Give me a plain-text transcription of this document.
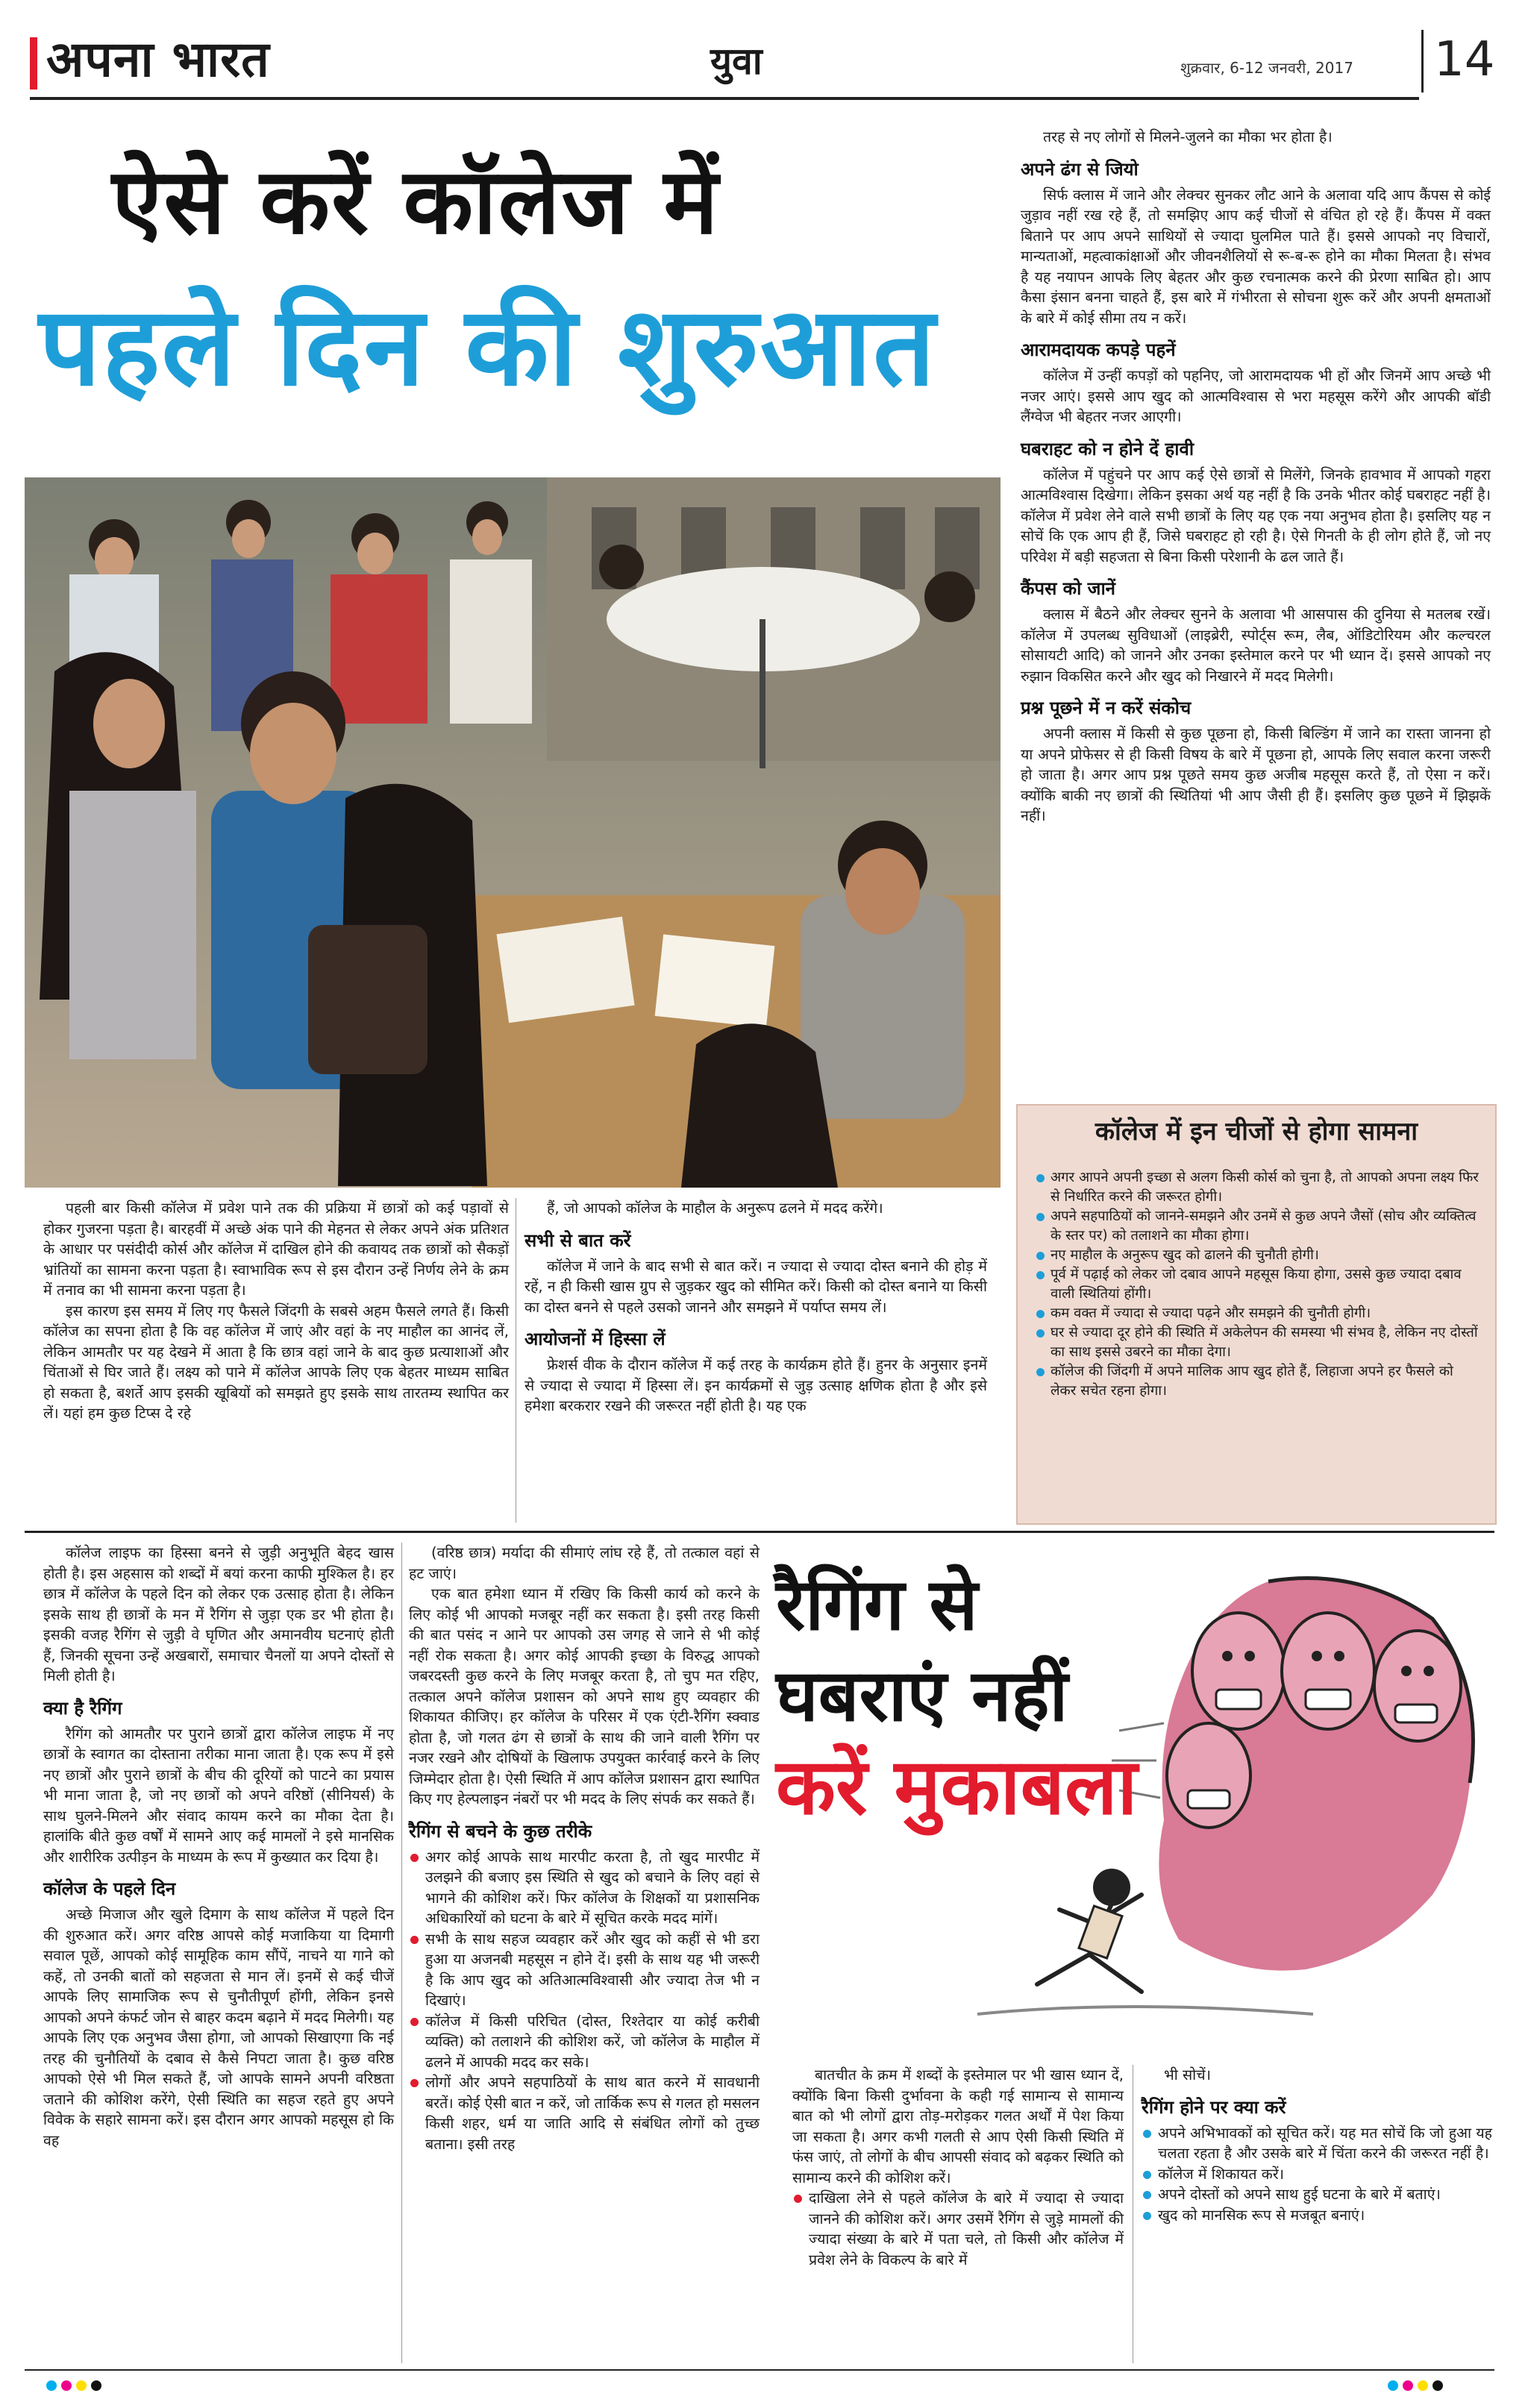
अपना भारत	युवा	शुक्रवार, 6-12 जनवरी, 2017 14
ऐसे करें कॉलेज में
पहले दिन की शुरुआत

पहली बार किसी कॉलेज में प्रवेश पाने तक की प्रक्रिया में छात्रों को कई पड़ावों से होकर गुजरना पड़ता है। बारहवीं में अच्छे अंक पाने की मेहनत से लेकर अपने अंक प्रतिशत के आधार पर पसंदीदी कोर्स और कॉलेज में दाखिल होने की कवायद तक छात्रों को सैकड़ों भ्रांतियों का सामना करना पड़ता है। स्वाभाविक रूप से इस दौरान उन्हें निर्णय लेने के क्रम में तनाव का भी सामना करना पड़ता है।

इस कारण इस समय में लिए गए फैसले जिंदगी के सबसे अहम फैसले लगते हैं। किसी कॉलेज का सपना होता है कि वह कॉलेज में जाएं और वहां के नए माहौल का आनंद लें, लेकिन आमतौर पर यह देखने में आता है कि छात्र वहां जाने के बाद कुछ प्रत्याशाओं और चिंताओं से घिर जाते हैं। लक्ष्य को पाने में कॉलेज आपके लिए एक बेहतर माध्यम साबित हो सकता है, बशर्ते आप इसकी खूबियों को समझते हुए इसके साथ तारतम्य स्थापित कर लें। यहां हम कुछ टिप्स दे रहे

हैं, जो आपको कॉलेज के माहौल के अनुरूप ढलने में मदद करेंगे।

सभी से बात करें

कॉलेज में जाने के बाद सभी से बात करें। न ज्यादा से ज्यादा दोस्त बनाने की होड़ में रहें, न ही किसी खास ग्रुप से जुड़कर खुद को सीमित करें। किसी को दोस्त बनाने या किसी का दोस्त बनने से पहले उसको जानने और समझने में पर्याप्त समय लें।

आयोजनों में हिस्सा लें

फ्रेशर्स वीक के दौरान कॉलेज में कई तरह के कार्यक्रम होते हैं। हुनर के अनुसार इनमें से ज्यादा से ज्यादा में हिस्सा लें। इन कार्यक्रमों से जुड़ उत्साह क्षणिक होता है और इसे हमेशा बरकरार रखने की जरूरत नहीं होती है। यह एक

तरह से नए लोगों से मिलने-जुलने का मौका भर होता है।

अपने ढंग से जियो

सिर्फ क्लास में जाने और लेक्चर सुनकर लौट आने के अलावा यदि आप कैंपस से कोई जुड़ाव नहीं रख रहे हैं, तो समझिए आप कई चीजों से वंचित हो रहे हैं। कैंपस में वक्त बिताने पर आप अपने साथियों से ज्यादा घुलमिल पाते हैं। इससे आपको नए विचारों, मान्यताओं, महत्वाकांक्षाओं और जीवनशैलियों से रू-ब-रू होने का मौका मिलता है। संभव है यह नयापन आपके लिए बेहतर और कुछ रचनात्मक करने की प्रेरणा साबित हो। आप कैसा इंसान बनना चाहते हैं, इस बारे में गंभीरता से सोचना शुरू करें और अपनी क्षमताओं के बारे में कोई सीमा तय न करें।

आरामदायक कपड़े पहनें

कॉलेज में उन्हीं कपड़ों को पहनिए, जो आरामदायक भी हों और जिनमें आप अच्छे भी नजर आएं। इससे आप खुद को आत्मविश्वास से भरा महसूस करेंगे और आपकी बॉडी लैंग्वेज भी बेहतर नजर आएगी।

घबराहट को न होने दें हावी

कॉलेज में पहुंचने पर आप कई ऐसे छात्रों से मिलेंगे, जिनके हावभाव में आपको गहरा आत्मविश्वास दिखेगा। लेकिन इसका अर्थ यह नहीं है कि उनके भीतर कोई घबराहट नहीं है। कॉलेज में प्रवेश लेने वाले सभी छात्रों के लिए यह एक नया अनुभव होता है। इसलिए यह न सोचें कि एक आप ही हैं, जिसे घबराहट हो रही है। ऐसे गिनती के ही लोग होते हैं, जो नए परिवेश में बड़ी सहजता से बिना किसी परेशानी के ढल जाते हैं।

कैंपस को जानें

क्लास में बैठने और लेक्चर सुनने के अलावा भी आसपास की दुनिया से मतलब रखें। कॉलेज में उपलब्ध सुविधाओं (लाइब्रेरी, स्पोर्ट्स रूम, लैब, ऑडिटोरियम और कल्चरल सोसायटी आदि) को जानने और उनका इस्तेमाल करने पर भी ध्यान दें। इससे आपको नए रुझान विकसित करने और खुद को निखारने में मदद मिलेगी।

प्रश्न पूछने में न करें संकोच

अपनी क्लास में किसी से कुछ पूछना हो, किसी बिल्डिंग में जाने का रास्ता जानना हो या अपने प्रोफेसर से ही किसी विषय के बारे में पूछना हो, आपके लिए सवाल करना जरूरी हो जाता है। अगर आप प्रश्न पूछते समय कुछ अजीब महसूस करते हैं, तो ऐसा न करें। क्योंकि बाकी नए छात्रों की स्थितियां भी आप जैसी ही हैं। इसलिए कुछ पूछने में झिझकें नहीं।

कॉलेज में इन चीजों से होगा सामना
अगर आपने अपनी इच्छा से अलग किसी कोर्स को चुना है, तो आपको अपना लक्ष्य फिर से निर्धारित करने की जरूरत होगी।
अपने सहपाठियों को जानने-समझने और उनमें से कुछ अपने जैसों (सोच और व्यक्तित्व के स्तर पर) को तलाशने का मौका होगा।
नए माहौल के अनुरूप खुद को ढालने की चुनौती होगी।
पूर्व में पढ़ाई को लेकर जो दबाव आपने महसूस किया होगा, उससे कुछ ज्यादा दबाव वाली स्थितियां होंगी।
कम वक्त में ज्यादा से ज्यादा पढ़ने और समझने की चुनौती होगी।
घर से ज्यादा दूर होने की स्थिति में अकेलेपन की समस्या भी संभव है, लेकिन नए दोस्तों का साथ इससे उबरने का मौका देगा।
कॉलेज की जिंदगी में अपने मालिक आप खुद होते हैं, लिहाजा अपने हर फैसले को लेकर सचेत रहना होगा।

कॉलेज लाइफ का हिस्सा बनने से जुड़ी अनुभूति बेहद खास होती है। इस अहसास को शब्दों में बयां करना काफी मुश्किल है। हर छात्र में कॉलेज के पहले दिन को लेकर एक उत्साह होता है। लेकिन इसके साथ ही छात्रों के मन में रैगिंग से जुड़ा एक डर भी होता है। इसकी वजह रैगिंग से जुड़ी वे घृणित और अमानवीय घटनाएं होती हैं, जिनकी सूचना उन्हें अखबारों, समाचार चैनलों या अपने दोस्तों से मिली होती है।

क्या है रैगिंग

रैगिंग को आमतौर पर पुराने छात्रों द्वारा कॉलेज लाइफ में नए छात्रों के स्वागत का दोस्ताना तरीका माना जाता है। एक रूप में इसे नए छात्रों और पुराने छात्रों के बीच की दूरियों को पाटने का प्रयास भी माना जाता है, जो नए छात्रों को अपने वरिष्ठों (सीनियर्स) के साथ घुलने-मिलने और संवाद कायम करने का मौका देता है। हालांकि बीते कुछ वर्षों में सामने आए कई मामलों ने इसे मानसिक और शारीरिक उत्पीड़न के माध्यम के रूप में कुख्यात कर दिया है।

कॉलेज के पहले दिन

अच्छे मिजाज और खुले दिमाग के साथ कॉलेज में पहले दिन की शुरुआत करें। अगर वरिष्ठ आपसे कोई मजाकिया या दिमागी सवाल पूछें, आपको कोई सामूहिक काम सौंपें, नाचने या गाने को कहें, तो उनकी बातों को सहजता से मान लें। इनमें से कई चीजें आपके लिए सामाजिक रूप से चुनौतीपूर्ण होंगी, लेकिन इनसे आपको अपने कंफर्ट जोन से बाहर कदम बढ़ाने में मदद मिलेगी। यह आपके लिए एक अनुभव जैसा होगा, जो आपको सिखाएगा कि नई तरह की चुनौतियों के दबाव से कैसे निपटा जाता है। कुछ वरिष्ठ आपको ऐसे भी मिल सकते हैं, जो आपके सामने अपनी वरिष्ठता जताने की कोशिश करेंगे, ऐसी स्थिति का सहज रहते हुए अपने विवेक के सहारे सामना करें। इस दौरान अगर आपको महसूस हो कि वह

(वरिष्ठ छात्र) मर्यादा की सीमाएं लांघ रहे हैं, तो तत्काल वहां से हट जाएं।

एक बात हमेशा ध्यान में रखिए कि किसी कार्य को करने के लिए कोई भी आपको मजबूर नहीं कर सकता है। इसी तरह किसी की बात पसंद न आने पर आपको उस जगह से जाने से भी कोई नहीं रोक सकता है। अगर कोई आपकी इच्छा के विरुद्ध आपको जबरदस्ती कुछ करने के लिए मजबूर करता है, तो चुप मत रहिए, तत्काल अपने कॉलेज प्रशासन को अपने साथ हुए व्यवहार की शिकायत कीजिए। हर कॉलेज के परिसर में एक एंटी-रैगिंग स्क्वाड होता है, जो गलत ढंग से छात्रों के साथ की जाने वाली रैगिंग पर नजर रखने और दोषियों के खिलाफ उपयुक्त कार्रवाई करने के लिए जिम्मेदार होता है। ऐसी स्थिति में आप कॉलेज प्रशासन द्वारा स्थापित किए गए हेल्पलाइन नंबरों पर भी मदद के लिए संपर्क कर सकते हैं।

रैगिंग से बचने के कुछ तरीके
अगर कोई आपके साथ मारपीट करता है, तो खुद मारपीट में उलझने की बजाए इस स्थिति से खुद को बचाने के लिए वहां से भागने की कोशिश करें। फिर कॉलेज के शिक्षकों या प्रशासनिक अधिकारियों को घटना के बारे में सूचित करके मदद मांगें।
सभी के साथ सहज व्यवहार करें और खुद को कहीं से भी डरा हुआ या अजनबी महसूस न होने दें। इसी के साथ यह भी जरूरी है कि आप खुद को अतिआत्मविश्वासी और ज्यादा तेज भी न दिखाएं।
कॉलेज में किसी परिचित (दोस्त, रिश्तेदार या कोई करीबी व्यक्ति) को तलाशने की कोशिश करें, जो कॉलेज के माहौल में ढलने में आपकी मदद कर सके।
लोगों और अपने सहपाठियों के साथ बात करने में सावधानी बरतें। कोई ऐसी बात न करें, जो तार्किक रूप से गलत हो मसलन किसी शहर, धर्म या जाति आदि से संबंधित लोगों को तुच्छ बताना। इसी तरह
रैगिंग से
घबराएं नहीं
करें मुकाबला

बातचीत के क्रम में शब्दों के इस्तेमाल पर भी खास ध्यान दें, क्योंकि बिना किसी दुर्भावना के कही गई सामान्य से सामान्य बात को भी लोगों द्वारा तोड़-मरोड़कर गलत अर्थों में पेश किया जा सकता है। अगर कभी गलती से आप ऐसी किसी स्थिति में फंस जाएं, तो लोगों के बीच आपसी संवाद को बढ़कर स्थिति को सामान्य करने की कोशिश करें।

दाखिला लेने से पहले कॉलेज के बारे में ज्यादा से ज्यादा जानने की कोशिश करें। अगर उसमें रैगिंग से जुड़े मामलों की ज्यादा संख्या के बारे में पता चले, तो किसी और कॉलेज में प्रवेश लेने के विकल्प के बारे में

भी सोचें।

रैगिंग होने पर क्या करें
अपने अभिभावकों को सूचित करें। यह मत सोचें कि जो हुआ यह चलता रहता है और उसके बारे में चिंता करने की जरूरत नहीं है।
कॉलेज में शिकायत करें।
अपने दोस्तों को अपने साथ हुई घटना के बारे में बताएं।
खुद को मानसिक रूप से मजबूत बनाएं।
